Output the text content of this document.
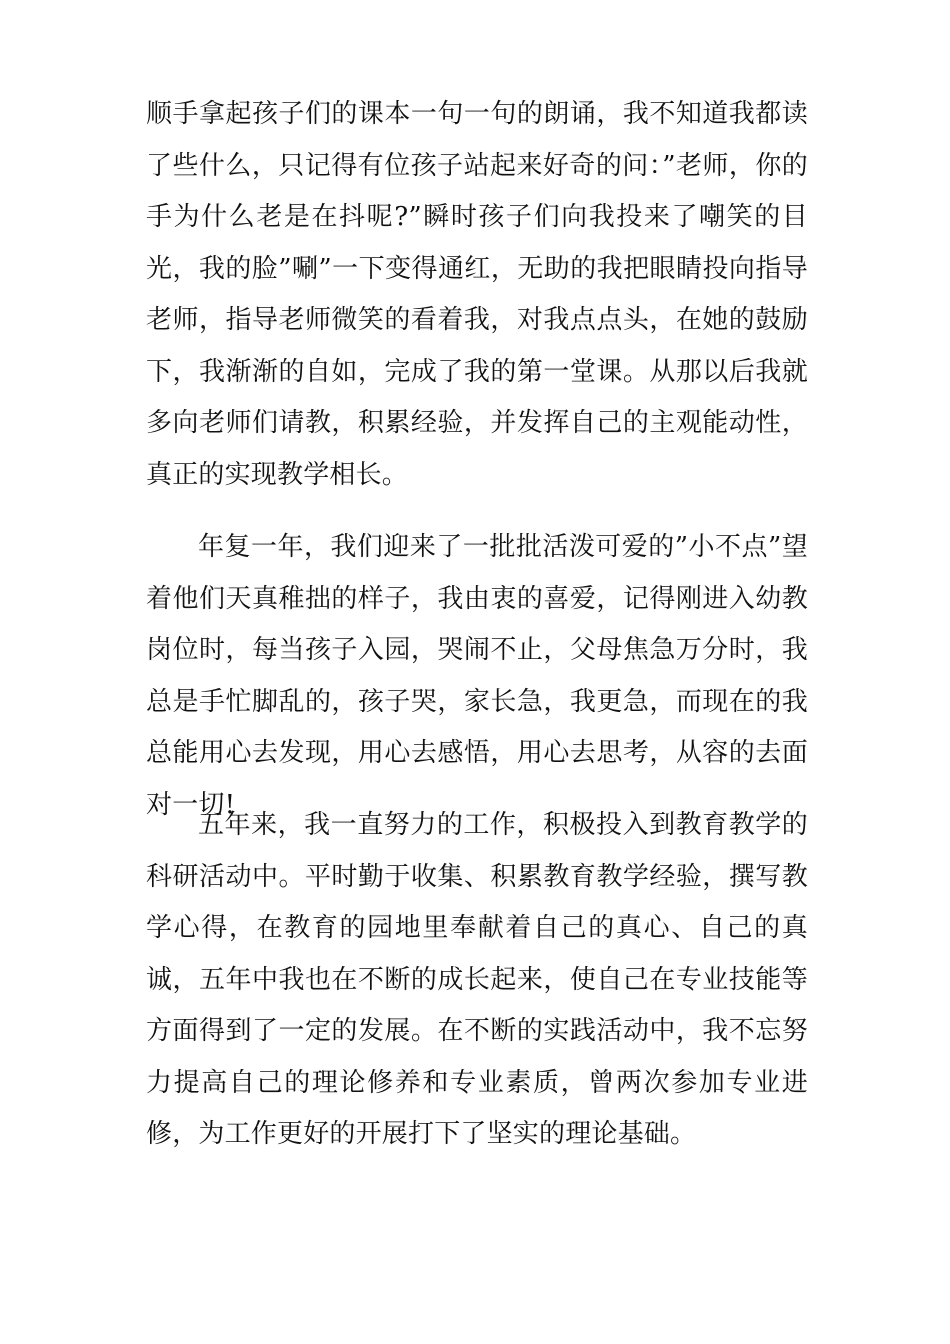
顺手拿起孩子们的课本一句一句的朗诵，我不知道我都读了些什么，只记得有位孩子站起来好奇的问：”老师，你的手为什么老是在抖呢?”瞬时孩子们向我投来了嘲笑的目光，我的脸”唰”一下变得通红，无助的我把眼睛投向指导老师，指导老师微笑的看着我，对我点点头，在她的鼓励下，我渐渐的自如，完成了我的第一堂课。从那以后我就多向老师们请教，积累经验，并发挥自己的主观能动性，真正的实现教学相长。

年复一年，我们迎来了一批批活泼可爱的”小不点”望着他们天真稚拙的样子，我由衷的喜爱，记得刚进入幼教岗位时，每当孩子入园，哭闹不止，父母焦急万分时，我总是手忙脚乱的，孩子哭，家长急，我更急，而现在的我总能用心去发现，用心去感悟，用心去思考，从容的去面对一切!

五年来，我一直努力的工作，积极投入到教育教学的科研活动中。平时勤于收集、积累教育教学经验，撰写教学心得，在教育的园地里奉献着自己的真心、自己的真诚，五年中我也在不断的成长起来，使自己在专业技能等方面得到了一定的发展。在不断的实践活动中，我不忘努力提高自己的理论修养和专业素质，曾两次参加专业进修，为工作更好的开展打下了坚实的理论基础。
